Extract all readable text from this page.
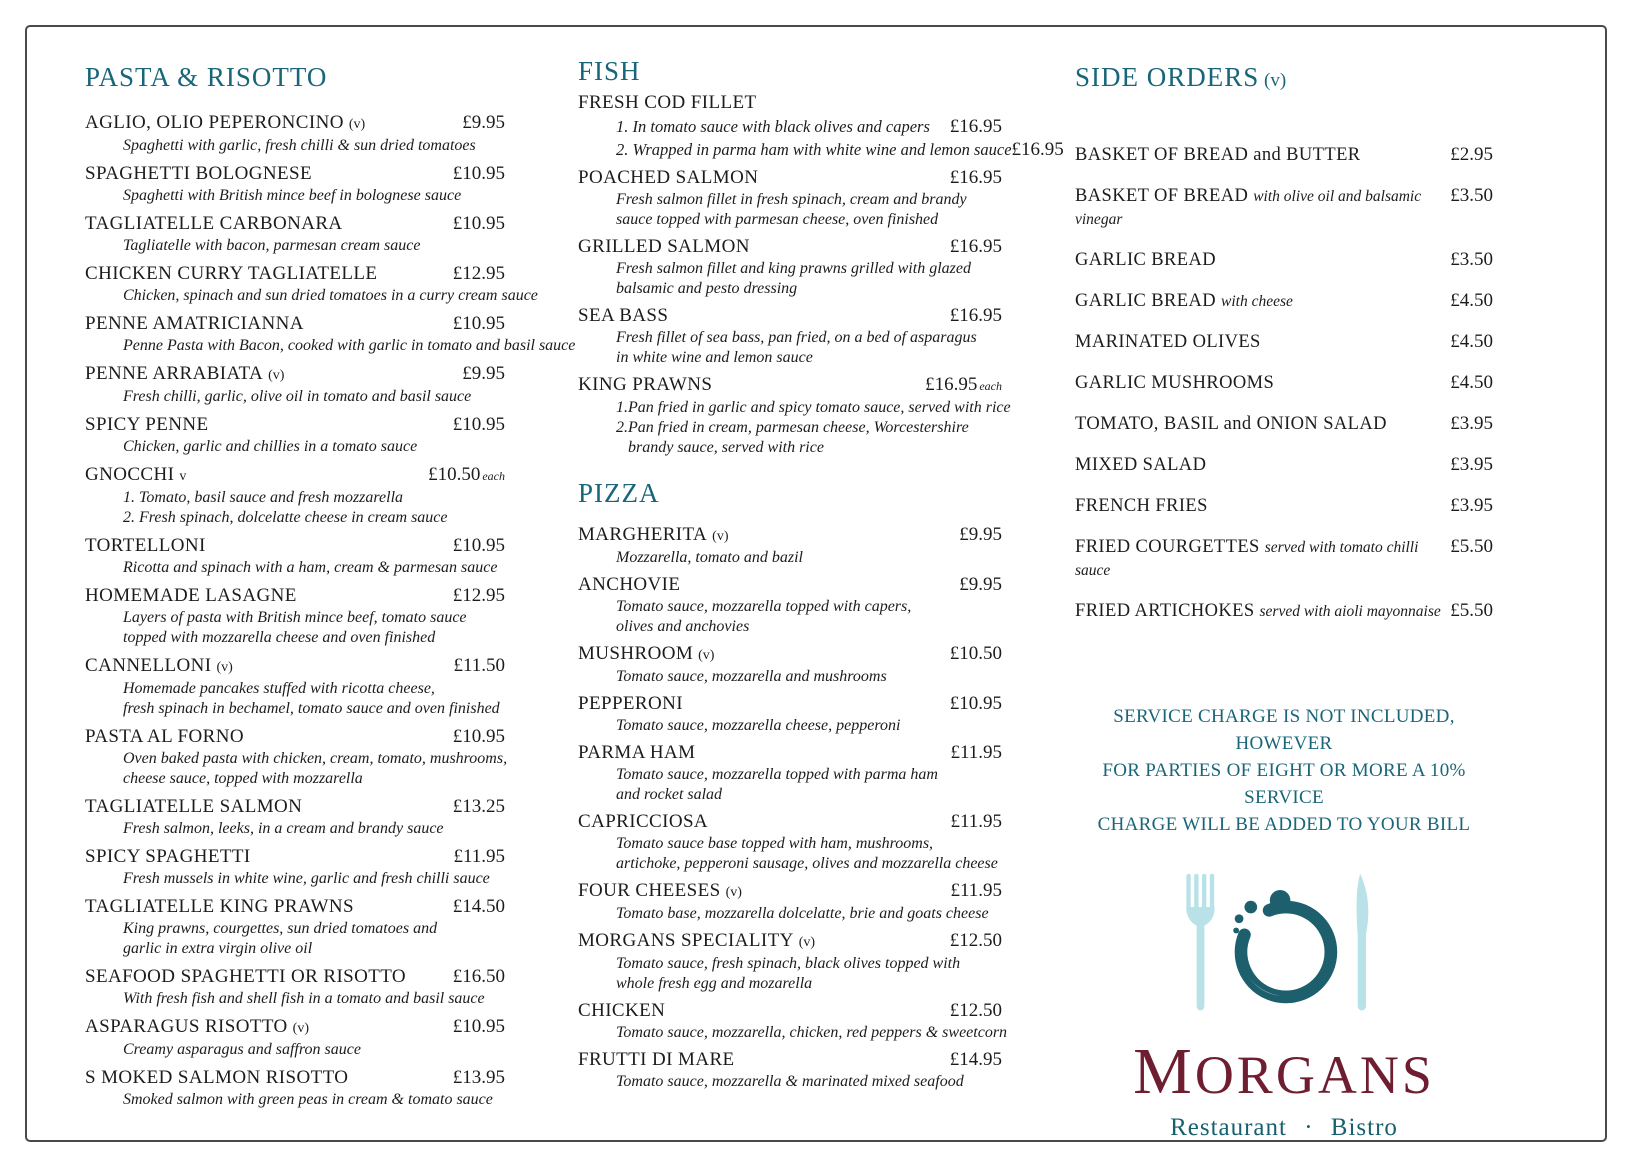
PASTA & RISOTTO
AGLIO, OLIO PEPERONCINO (v)	£9.95
Spaghetti with garlic, fresh chilli & sun dried tomatoes
SPAGHETTI BOLOGNESE	£10.95
Spaghetti with British mince beef in bolognese sauce
TAGLIATELLE CARBONARA	£10.95
Tagliatelle with bacon, parmesan cream sauce
CHICKEN CURRY TAGLIATELLE	£12.95
Chicken, spinach and sun dried tomatoes in a curry cream sauce
PENNE AMATRICIANNA	£10.95
Penne Pasta with Bacon, cooked with garlic in tomato and basil sauce
PENNE ARRABIATA (v)	£9.95
Fresh chilli, garlic, olive oil in tomato and basil sauce
SPICY PENNE	£10.95
Chicken, garlic and chillies in a tomato sauce
GNOCCHI v	£10.50 each
1. Tomato, basil sauce and fresh mozzarella
2. Fresh spinach, dolcelatte cheese in cream sauce
TORTELLONI	£10.95
Ricotta and spinach with a ham, cream & parmesan sauce
HOMEMADE LASAGNE	£12.95
Layers of pasta with British mince beef, tomato sauce
topped with mozzarella cheese and oven finished
CANNELLONI (v)	£11.50
Homemade pancakes stuffed with ricotta cheese,
fresh spinach in bechamel, tomato sauce and oven finished
PASTA AL FORNO	£10.95
Oven baked pasta with chicken, cream, tomato, mushrooms,
cheese sauce, topped with mozzarella
TAGLIATELLE SALMON	£13.25
Fresh salmon, leeks, in a cream and brandy sauce
SPICY SPAGHETTI	£11.95
Fresh mussels in white wine, garlic and fresh chilli sauce
TAGLIATELLE KING PRAWNS	£14.50
King prawns, courgettes, sun dried tomatoes and
garlic in extra virgin olive oil
SEAFOOD SPAGHETTI OR RISOTTO	£16.50
With fresh fish and shell fish in a tomato and basil sauce
ASPARAGUS RISOTTO (v)	£10.95
Creamy asparagus and saffron sauce
S MOKED SALMON RISOTTO	£13.95
Smoked salmon with green peas in cream & tomato sauce
FISH
FRESH COD FILLET
1. In tomato sauce with black olives and capers	£16.95
2. Wrapped in parma ham with white wine and lemon sauce £16.95
POACHED SALMON	£16.95
Fresh salmon fillet in fresh spinach, cream and brandy
sauce topped with parmesan cheese, oven finished
GRILLED SALMON	£16.95
Fresh salmon fillet and king prawns grilled with glazed
balsamic and pesto dressing
SEA BASS	£16.95
Fresh fillet of sea bass, pan fried, on a bed of asparagus
in white wine and lemon sauce
KING PRAWNS	£16.95 each
1.Pan fried in garlic and spicy tomato sauce, served with rice
2.Pan fried in cream, parmesan cheese, Worcestershire
brandy sauce, served with rice
PIZZA
MARGHERITA (v)	£9.95
Mozzarella, tomato and bazil
ANCHOVIE	£9.95
Tomato sauce, mozzarella topped with capers,
olives and anchovies
MUSHROOM (v)	£10.50
Tomato sauce, mozzarella and mushrooms
PEPPERONI	£10.95
Tomato sauce, mozzarella cheese, pepperoni
PARMA HAM	£11.95
Tomato sauce, mozzarella topped with parma ham
and rocket salad
CAPRICCIOSA	£11.95
Tomato sauce base topped with ham, mushrooms,
artichoke, pepperoni sausage, olives and mozzarella cheese
FOUR CHEESES (v)	£11.95
Tomato base, mozzarella dolcelatte, brie and goats cheese
MORGANS SPECIALITY (v)	£12.50
Tomato sauce, fresh spinach, black olives topped with
whole fresh egg and mozarella
CHICKEN	£12.50
Tomato sauce, mozzarella, chicken, red peppers & sweetcorn
FRUTTI DI MARE	£14.95
Tomato sauce, mozzarella & marinated mixed seafood
SIDE ORDERS (v)
BASKET OF BREAD and BUTTER	£2.95
BASKET OF BREAD with olive oil and balsamic vinegar
£3.50
GARLIC BREAD	£3.50
GARLIC BREAD with cheese	£4.50
MARINATED OLIVES	£4.50
GARLIC MUSHROOMS	£4.50
TOMATO, BASIL and ONION SALAD	£3.95
MIXED SALAD	£3.95
FRENCH FRIES	£3.95
FRIED COURGETTES served with tomato chilli sauce
£5.50
FRIED ARTICHOKES served with aioli mayonnaise £5.50
SERVICE CHARGE IS NOT INCLUDED, HOWEVER
FOR PARTIES OF EIGHT OR MORE A 10% SERVICE
CHARGE WILL BE ADDED TO YOUR BILL
MORGANS
Restaurant · Bistro
